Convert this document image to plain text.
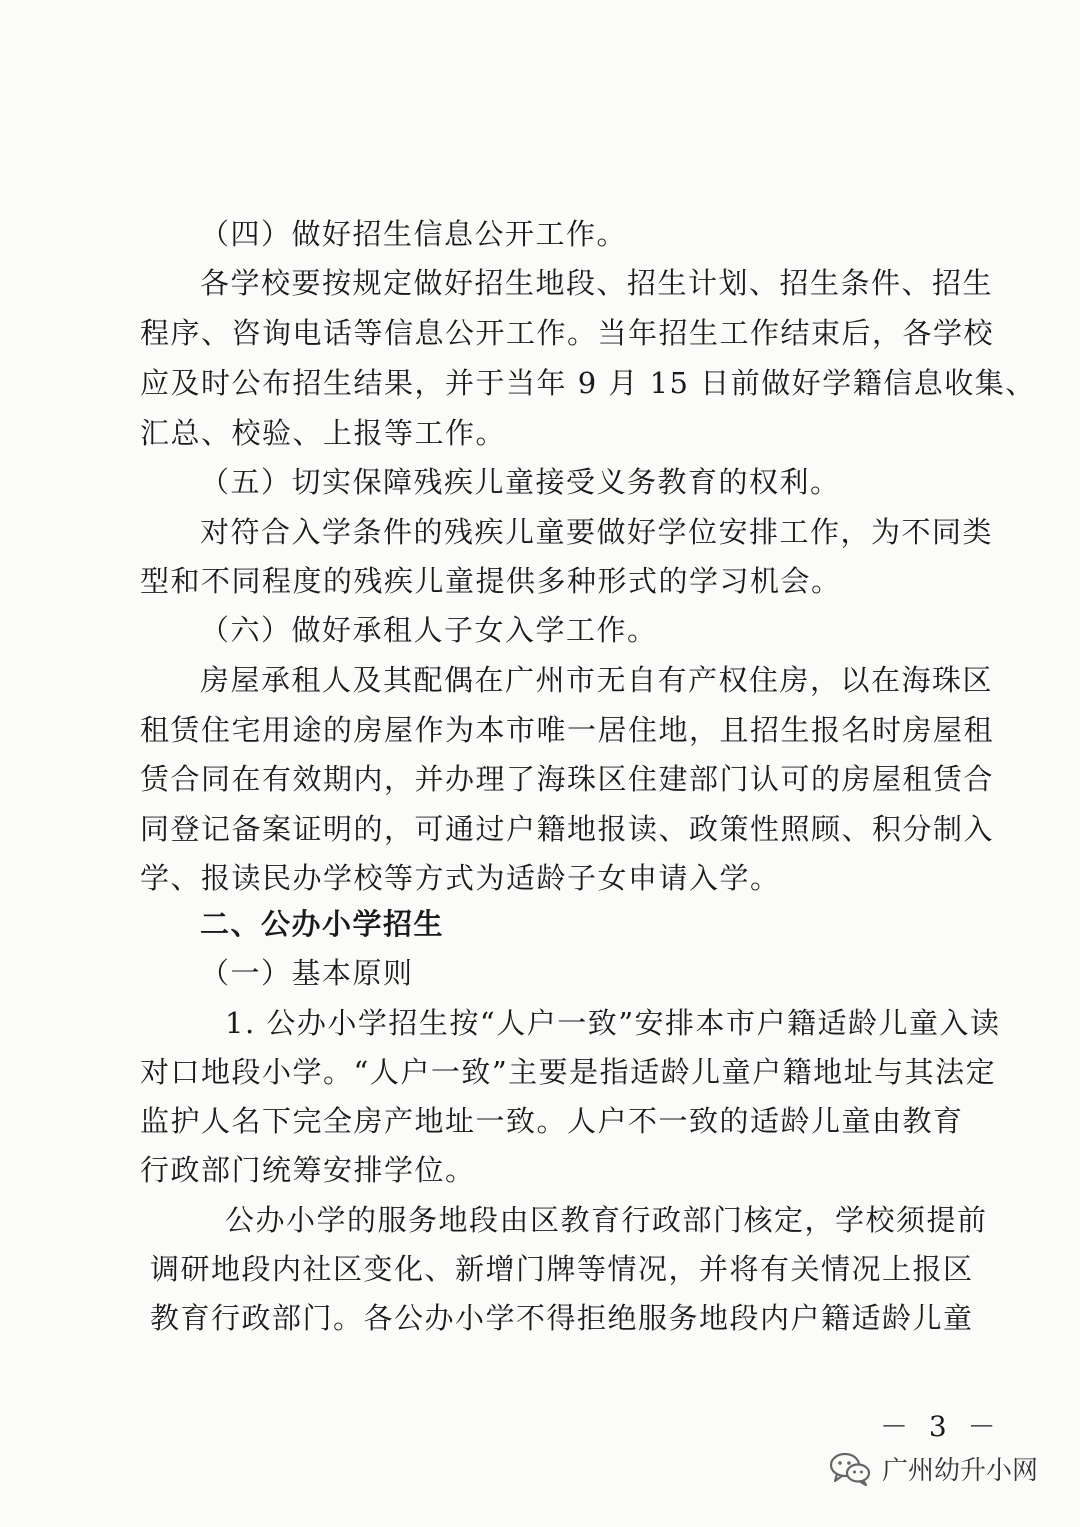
（四）做好招生信息公开工作。
各学校要按规定做好招生地段、招生计划、招生条件、招生
程序、咨询电话等信息公开工作。当年招生工作结束后，各学校
应及时公布招生结果，并于当年 9 月 15 日前做好学籍信息收集、
汇总、校验、上报等工作。
（五）切实保障残疾儿童接受义务教育的权利。
对符合入学条件的残疾儿童要做好学位安排工作，为不同类
型和不同程度的残疾儿童提供多种形式的学习机会。
（六）做好承租人子女入学工作。
房屋承租人及其配偶在广州市无自有产权住房，以在海珠区
租赁住宅用途的房屋作为本市唯一居住地，且招生报名时房屋租
赁合同在有效期内，并办理了海珠区住建部门认可的房屋租赁合
同登记备案证明的，可通过户籍地报读、政策性照顾、积分制入
学、报读民办学校等方式为适龄子女申请入学。
二、公办小学招生
（一）基本原则
1. 公办小学招生按“人户一致”安排本市户籍适龄儿童入读
对口地段小学。“人户一致”主要是指适龄儿童户籍地址与其法定
监护人名下完全房产地址一致。人户不一致的适龄儿童由教育
行政部门统筹安排学位。
公办小学的服务地段由区教育行政部门核定，学校须提前
调研地段内社区变化、新增门牌等情况，并将有关情况上报区
教育行政部门。各公办小学不得拒绝服务地段内户籍适龄儿童
－ 3 －
广州幼升小网
